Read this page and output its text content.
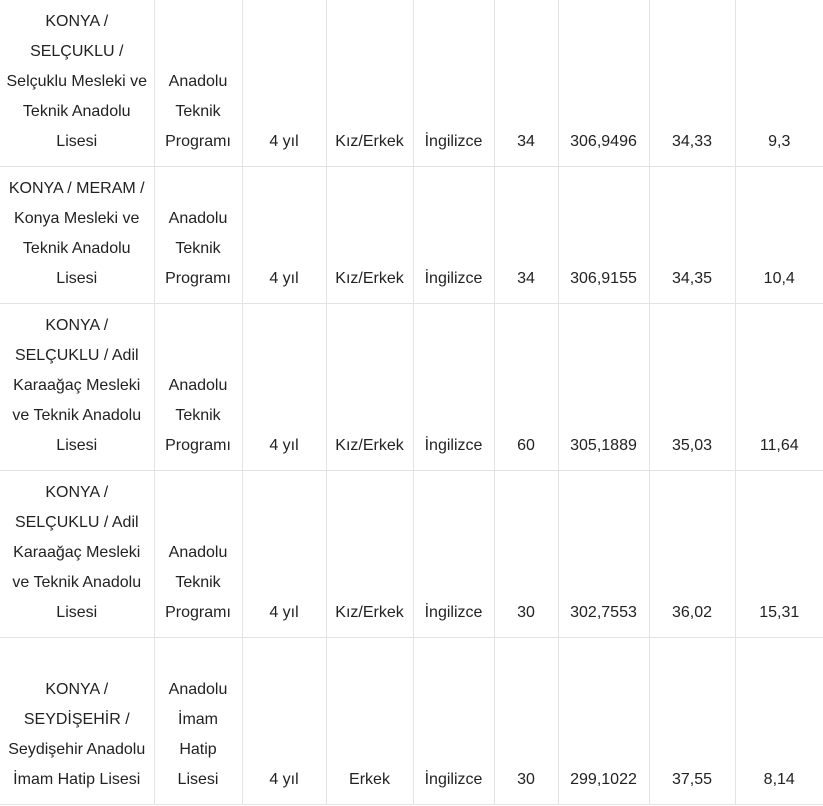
KONYA / SELÇUKLU / Selçuklu Mesleki ve Teknik Anadolu Lisesi	Anadolu Teknik Programı	4 yıl	Kız/Erkek	İngilizce	34	306,9496	34,33	9,3

KONYA / MERAM / Konya Mesleki ve Teknik Anadolu Lisesi	Anadolu Teknik Programı	4 yıl	Kız/Erkek	İngilizce	34	306,9155	34,35	10,4

KONYA / SELÇUKLU / Adil Karaağaç Mesleki ve Teknik Anadolu Lisesi	Anadolu Teknik Programı	4 yıl	Kız/Erkek	İngilizce	60	305,1889	35,03	11,64

KONYA / SELÇUKLU / Adil Karaağaç Mesleki ve Teknik Anadolu Lisesi	Anadolu Teknik Programı	4 yıl	Kız/Erkek	İngilizce	30	302,7553	36,02	15,31

KONYA / SEYDİŞEHİR / Seydişehir Anadolu İmam Hatip Lisesi	Anadolu İmam Hatip Lisesi	4 yıl	Erkek	İngilizce	30	299,1022	37,55	8,14
